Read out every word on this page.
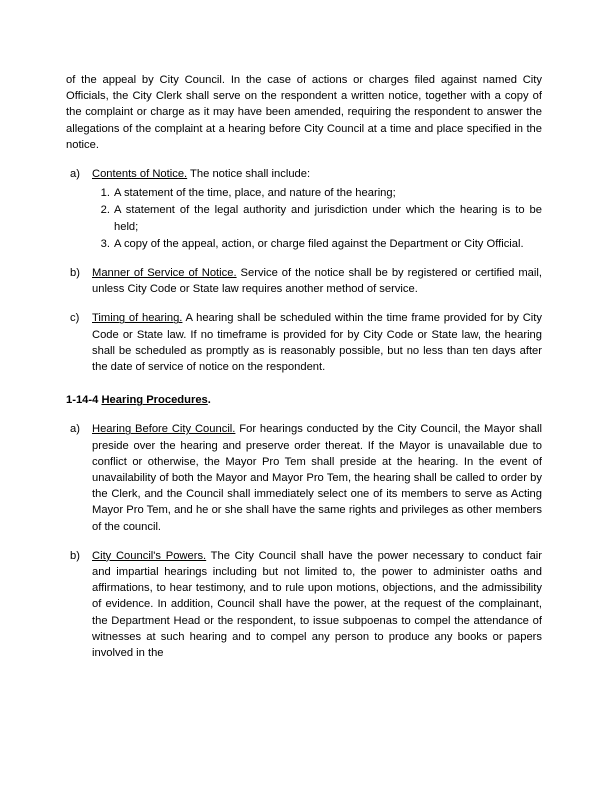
of the appeal by City Council. In the case of actions or charges filed against named City Officials, the City Clerk shall serve on the respondent a written notice, together with a copy of the complaint or charge as it may have been amended, requiring the respondent to answer the allegations of the complaint at a hearing before City Council at a time and place specified in the notice.

a)	Contents of Notice. The notice shall include:
1. A statement of the time, place, and nature of the hearing;
2. A statement of the legal authority and jurisdiction under which the hearing is to be held;
3. A copy of the appeal, action, or charge filed against the Department or City Official.
b)	Manner of Service of Notice. Service of the notice shall be by registered or certified mail, unless City Code or State law requires another method of service.
c)	Timing of hearing. A hearing shall be scheduled within the time frame provided for by City Code or State law. If no timeframe is provided for by City Code or State law, the hearing shall be scheduled as promptly as is reasonably possible, but no less than ten days after the date of service of notice on the respondent.

1-14-4 Hearing Procedures.

a)	Hearing Before City Council. For hearings conducted by the City Council, the Mayor shall preside over the hearing and preserve order thereat. If the Mayor is unavailable due to conflict or otherwise, the Mayor Pro Tem shall preside at the hearing. In the event of unavailability of both the Mayor and Mayor Pro Tem, the hearing shall be called to order by the Clerk, and the Council shall immediately select one of its members to serve as Acting Mayor Pro Tem, and he or she shall have the same rights and privileges as other members of the council.
b)	City Council's Powers. The City Council shall have the power necessary to conduct fair and impartial hearings including but not limited to, the power to administer oaths and affirmations, to hear testimony, and to rule upon motions, objections, and the admissibility of evidence. In addition, Council shall have the power, at the request of the complainant, the Department Head or the respondent, to issue subpoenas to compel the attendance of witnesses at such hearing and to compel any person to produce any books or papers involved in the
